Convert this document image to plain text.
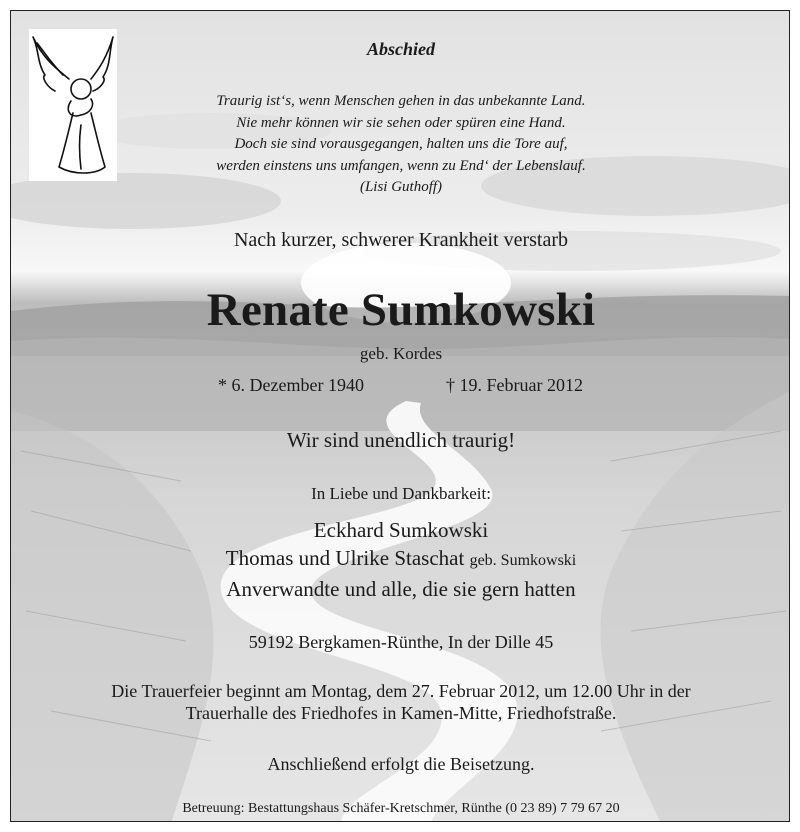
Abschied
Traurig ist‘s, wenn Menschen gehen in das unbekannte Land.
Nie mehr können wir sie sehen oder spüren eine Hand.
Doch sie sind vorausgegangen, halten uns die Tore auf,
werden einstens uns umfangen, wenn zu End‘ der Lebenslauf.
(Lisi Guthoff)
Nach kurzer, schwerer Krankheit verstarb
Renate Sumkowski
geb. Kordes
* 6. Dezember 1940	† 19. Februar 2012
Wir sind unendlich traurig!
In Liebe und Dankbarkeit:
Eckhard Sumkowski
Thomas und Ulrike Staschat geb. Sumkowski
Anverwandte und alle, die sie gern hatten
59192 Bergkamen-Rünthe, In der Dille 45
Die Trauerfeier beginnt am Montag, dem 27. Februar 2012, um 12.00 Uhr in der
Trauerhalle des Friedhofes in Kamen-Mitte, Friedhofstraße.
Anschließend erfolgt die Beisetzung.
Betreuung: Bestattungshaus Schäfer-Kretschmer, Rünthe (0 23 89) 7 79 67 20
